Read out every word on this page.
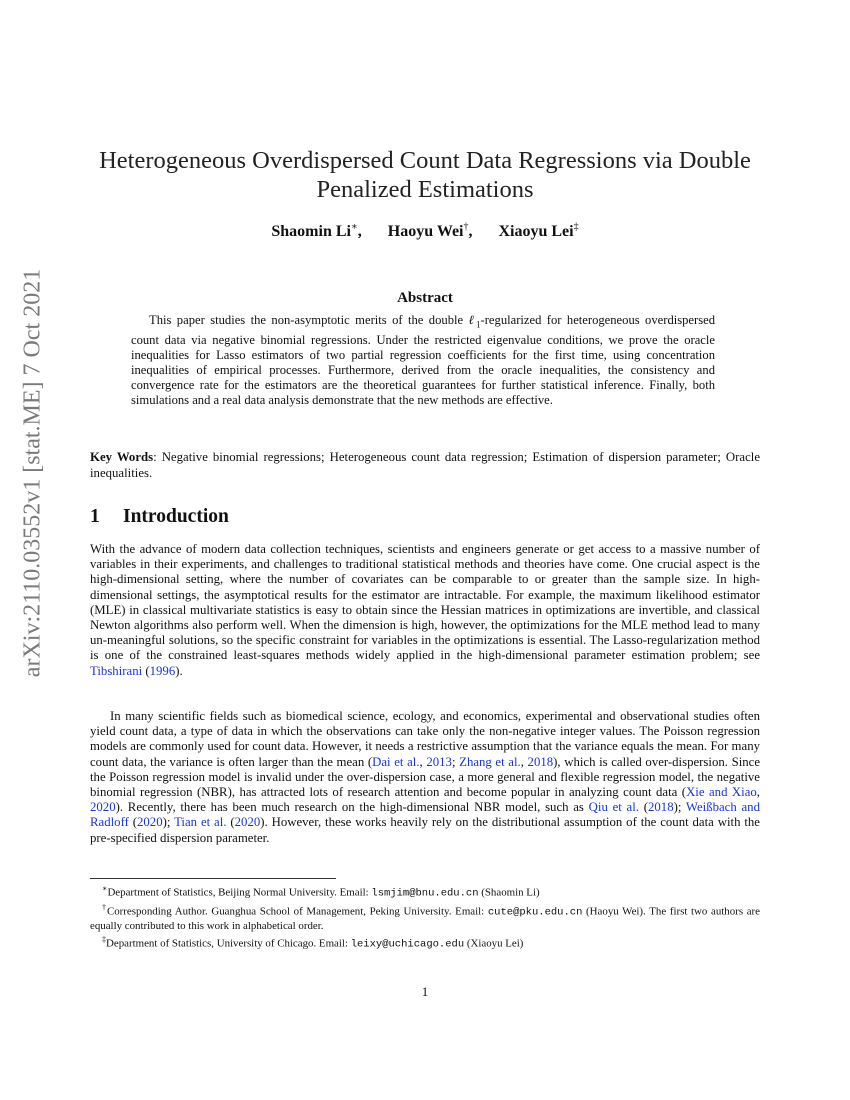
arXiv:2110.03552v1 [stat.ME] 7 Oct 2021
Heterogeneous Overdispersed Count Data Regressions via Double
Penalized Estimations
Shaomin Li∗, Haoyu Wei†, Xiaoyu Lei‡
Abstract
This paper studies the non-asymptotic merits of the double ℓ$_1$-regularized for heterogeneous overdispersed count data via negative binomial regressions. Under the restricted eigenvalue conditions, we prove the oracle inequalities for Lasso estimators of two partial regression coefficients for the first time, using concentration inequalities of empirical processes. Furthermore, derived from the oracle inequalities, the consistency and convergence rate for the estimators are the theoretical guarantees for further statistical inference. Finally, both simulations and a real data analysis demonstrate that the new methods are effective.
Key Words: Negative binomial regressions; Heterogeneous count data regression; Estimation of dispersion parameter; Oracle inequalities.
1 Introduction
With the advance of modern data collection techniques, scientists and engineers generate or get access to a massive number of variables in their experiments, and challenges to traditional statistical methods and theories have come. One crucial aspect is the high-dimensional setting, where the number of covariates can be comparable to or greater than the sample size. In high-dimensional settings, the asymptotical results for the estimator are intractable. For example, the maximum likelihood estimator (MLE) in classical multivariate statistics is easy to obtain since the Hessian matrices in optimizations are invertible, and classical Newton algorithms also perform well. When the dimension is high, however, the optimizations for the MLE method lead to many un-meaningful solutions, so the specific constraint for variables in the optimizations is essential. The Lasso-regularization method is one of the constrained least-squares methods widely applied in the high-dimensional parameter estimation problem; see Tibshirani (1996).
In many scientific fields such as biomedical science, ecology, and economics, experimental and observational studies often yield count data, a type of data in which the observations can take only the non-negative integer values. The Poisson regression models are commonly used for count data. However, it needs a restrictive assumption that the variance equals the mean. For many count data, the variance is often larger than the mean (Dai et al., 2013; Zhang et al., 2018), which is called over-dispersion. Since the Poisson regression model is invalid under the over-dispersion case, a more general and flexible regression model, the negative binomial regression (NBR), has attracted lots of research attention and become popular in analyzing count data (Xie and Xiao, 2020). Recently, there has been much research on the high-dimensional NBR model, such as Qiu et al. (2018); Weißbach and Radloff (2020); Tian et al. (2020). However, these works heavily rely on the distributional assumption of the count data with the pre-specified dispersion parameter.
∗Department of Statistics, Beijing Normal University. Email: lsmjim@bnu.edu.cn (Shaomin Li)
†Corresponding Author. Guanghua School of Management, Peking University. Email: cute@pku.edu.cn (Haoyu Wei). The first two authors are equally contributed to this work in alphabetical order.
‡Department of Statistics, University of Chicago. Email: leixy@uchicago.edu (Xiaoyu Lei)
1
